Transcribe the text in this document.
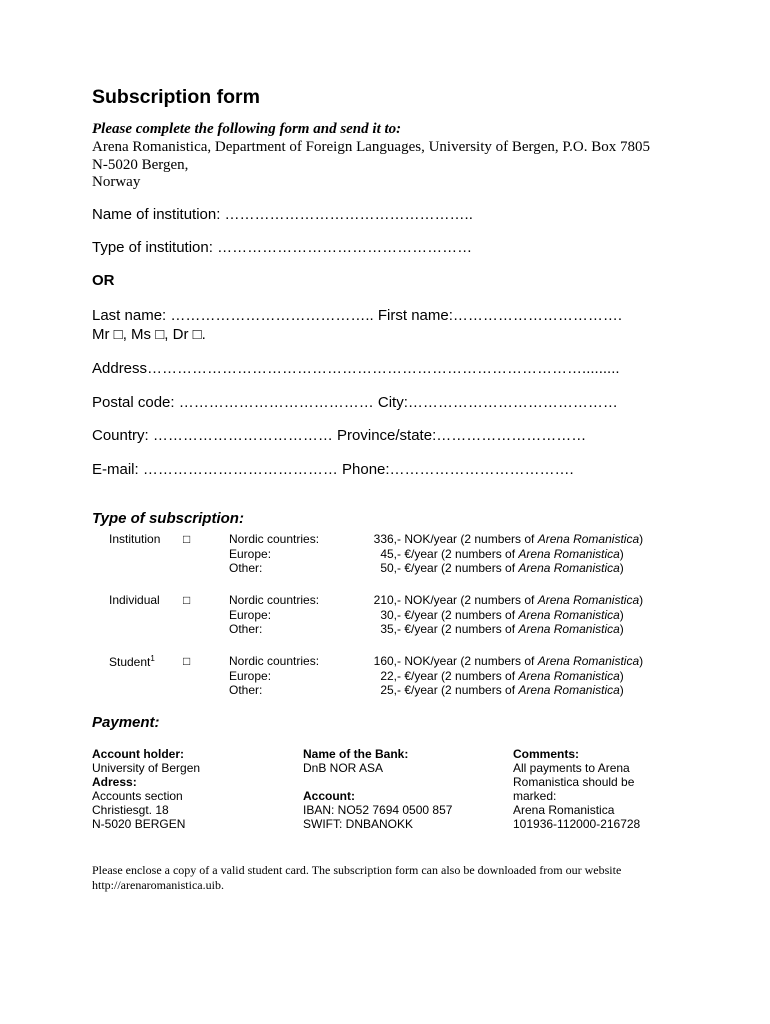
Subscription form
Please complete the following form and send it to:
Arena Romanistica, Department of Foreign Languages, University of Bergen, P.O. Box 7805
N-5020 Bergen,
Norway
Name of institution: …………………………………………..
Type of institution: ……………………………………………
OR
Last name: ………………………………….. First name:…………………………….
Mr □, Ms □, Dr □.
Address…………………………………………………………………………….........
Postal code: ………………………………… City:……………………………………
Country: ……………………………… Province/state:…………………………
E-mail: ………………………………… Phone:……………………………….
Type of subscription:
Institution □	Nordic countries:	336,- NOK/year (2 numbers of Arena Romanistica)
Europe:	45,- €/year (2 numbers of Arena Romanistica)
Other:	50,- €/year (2 numbers of Arena Romanistica)
Individual □	Nordic countries:	210,- NOK/year (2 numbers of Arena Romanistica)
Europe:	30,- €/year (2 numbers of Arena Romanistica)
Other:	35,- €/year (2 numbers of Arena Romanistica)
Student$^1$ □	Nordic countries:	160,- NOK/year (2 numbers of Arena Romanistica)
Europe:	22,- €/year (2 numbers of Arena Romanistica)
Other:	25,- €/year (2 numbers of Arena Romanistica)
Payment:
Account holder:
University of Bergen
Adress:
Accounts section
Christiesgt. 18
N-5020 BERGEN
Name of the Bank:
DnB NOR ASA
Account:
IBAN: NO52 7694 0500 857
SWIFT: DNBANOKK
Comments:
All payments to Arena
Romanistica should be
marked:
Arena Romanistica
101936-112000-216728
Please enclose a copy of a valid student card. The subscription form can also be downloaded from our website
http://arenaromanistica.uib.
